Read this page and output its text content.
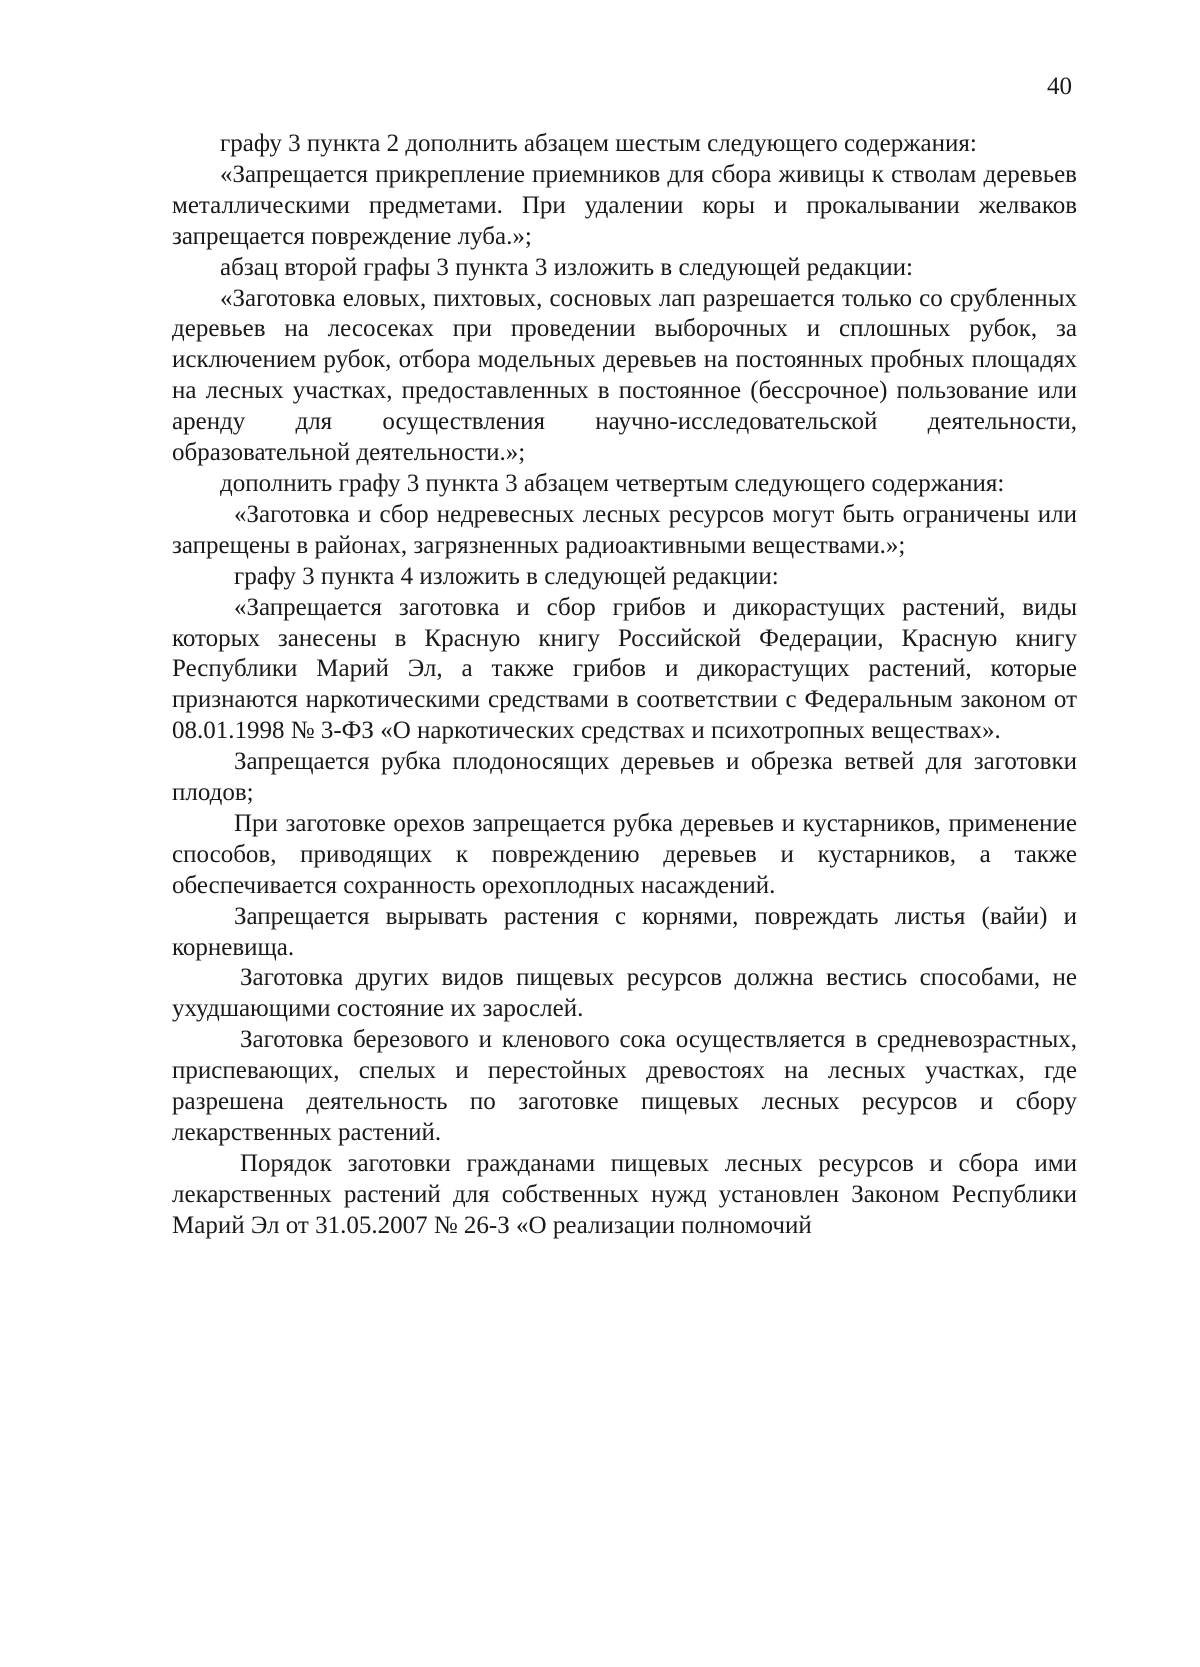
40

графу 3 пункта 2 дополнить абзацем шестым следующего содержания:

«Запрещается прикрепление приемников для сбора живицы к стволам деревьев металлическими предметами. При удалении коры и прокалывании желваков запрещается повреждение луба.»;

абзац второй графы 3 пункта 3 изложить в следующей редакции:

«Заготовка еловых, пихтовых, сосновых лап разрешается только со срубленных деревьев на лесосеках при проведении выборочных и сплошных рубок, за исключением рубок, отбора модельных деревьев на постоянных пробных площадях на лесных участках, предоставленных в постоянное (бессрочное) пользование или аренду для осуществления научно-исследовательской деятельности, образовательной деятельности.»;

дополнить графу 3 пункта 3 абзацем четвертым следующего содержания:

«Заготовка и сбор недревесных лесных ресурсов могут быть ограничены или запрещены в районах, загрязненных радиоактивными веществами.»;

графу 3 пункта 4 изложить в следующей редакции:

«Запрещается заготовка и сбор грибов и дикорастущих растений, виды которых занесены в Красную книгу Российской Федерации, Красную книгу Республики Марий Эл, а также грибов и дикорастущих растений, которые признаются наркотическими средствами в соответствии с Федеральным законом от 08.01.1998 № 3-ФЗ «О наркотических средствах и психотропных веществах».

Запрещается рубка плодоносящих деревьев и обрезка ветвей для заготовки плодов;

При заготовке орехов запрещается рубка деревьев и кустарников, применение способов, приводящих к повреждению деревьев и кустарников, а также обеспечивается сохранность орехоплодных насаждений.

Запрещается вырывать растения с корнями, повреждать листья (вайи) и корневища.

Заготовка других видов пищевых ресурсов должна вестись способами, не ухудшающими состояние их зарослей.

Заготовка березового и кленового сока осуществляется в средневозрастных, приспевающих, спелых и перестойных древостоях на лесных участках, где разрешена деятельность по заготовке пищевых лесных ресурсов и сбору лекарственных растений.

Порядок заготовки гражданами пищевых лесных ресурсов и сбора ими лекарственных растений для собственных нужд установлен Законом Республики Марий Эл от 31.05.2007 № 26-З «О реализации полномочий
